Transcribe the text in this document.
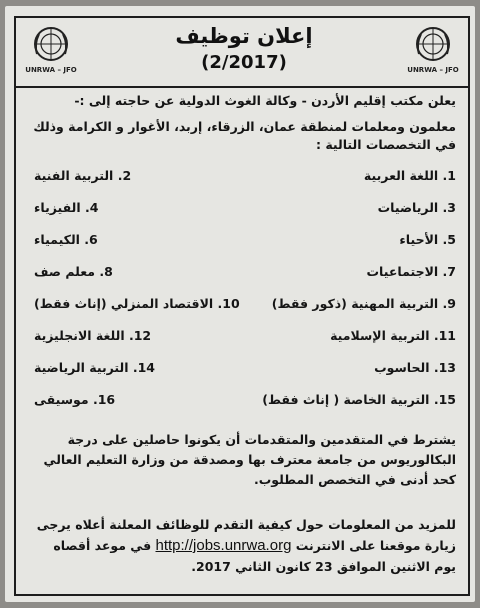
UNRWA – JFO
إعلان توظيف
(2/2017)	UNRWA – JFO
يعلن مكتب إقليم الأردن - وكالة الغوث الدولية عن حاجته إلى :-
معلمون ومعلمات لمنطقة عمان، الزرقاء، إربد، الأغوار و الكرامة وذلك في التخصصات التالية :
1. اللغة العربية
2. التربية الفنية
3. الرياضيات
4. الفيزياء
5. الأحياء
6. الكيمياء
7. الاجتماعيات
8. معلم صف
9. التربية المهنية (ذكور فقط)
10. الاقتصاد المنزلي (إناث فقط)
11. التربية الإسلامية
12. اللغة الانجليزية
13. الحاسوب
14. التربية الرياضية
15. التربية الخاصة ( إناث فقط)
16. موسيقى
يشترط في المتقدمين والمتقدمات أن يكونوا حاصلين على درجة البكالوريوس من جامعة معترف بها ومصدقة من وزارة التعليم العالي كحد أدنى في التخصص المطلوب.
للمزيد من المعلومات حول كيفية التقدم للوظائف المعلنة أعلاه يرجى زيارة موقعنا على الانترنت http://jobs.unrwa.org في موعد أقصاه يوم الاثنين الموافق 23 كانون الثاني 2017.
